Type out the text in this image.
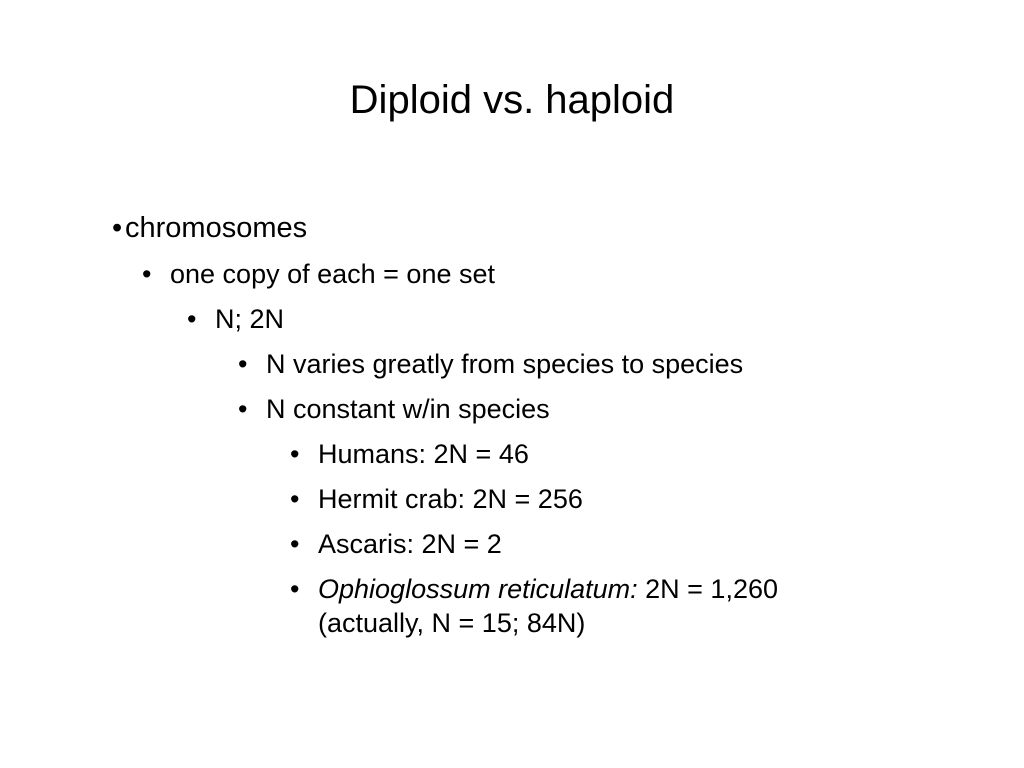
Diploid vs. haploid
• chromosomes
• one copy of each = one set
• N; 2N
• N varies greatly from species to species
• N constant w/in species
• Humans: 2N = 46
• Hermit crab: 2N = 256
• Ascaris: 2N = 2
• Ophioglossum reticulatum: 2N = 1,260
(actually, N = 15; 84N)
